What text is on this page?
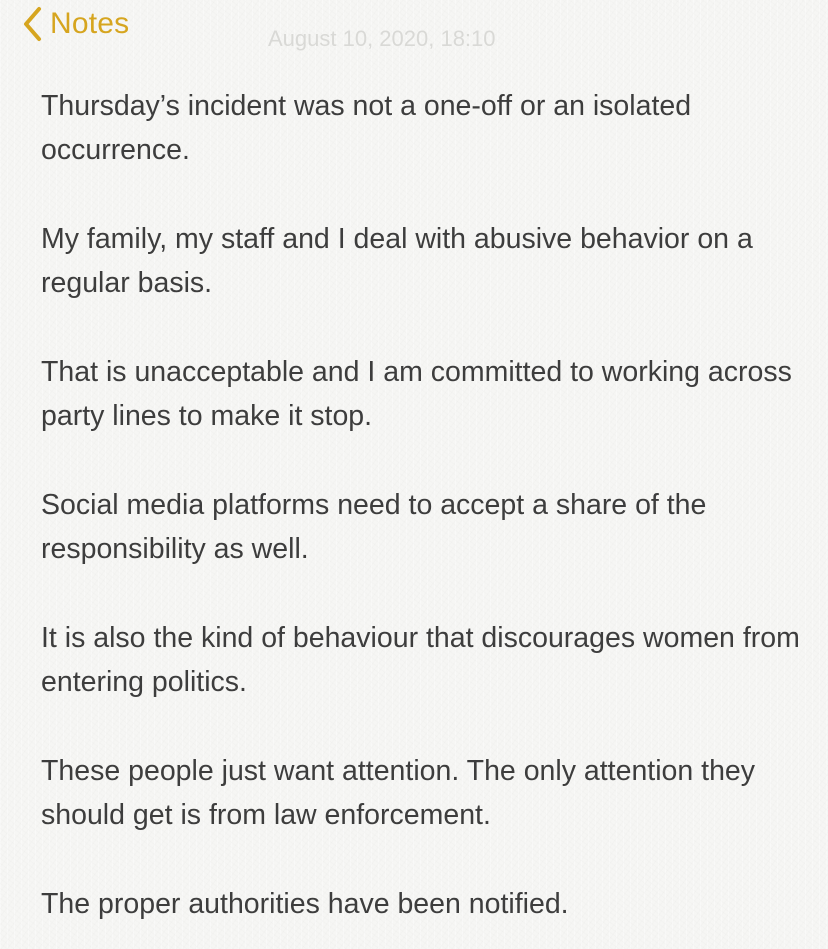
Notes	August 10, 2020, 18:10

Thursday’s incident was not a one-off or an isolated occurrence.

My family, my staff and I deal with abusive behavior on a regular basis.

That is unacceptable and I am committed to working across party lines to make it stop.

Social media platforms need to accept a share of the responsibility as well.

It is also the kind of behaviour that discourages women from entering politics.

These people just want attention. The only attention they should get is from law enforcement.

The proper authorities have been notified.
